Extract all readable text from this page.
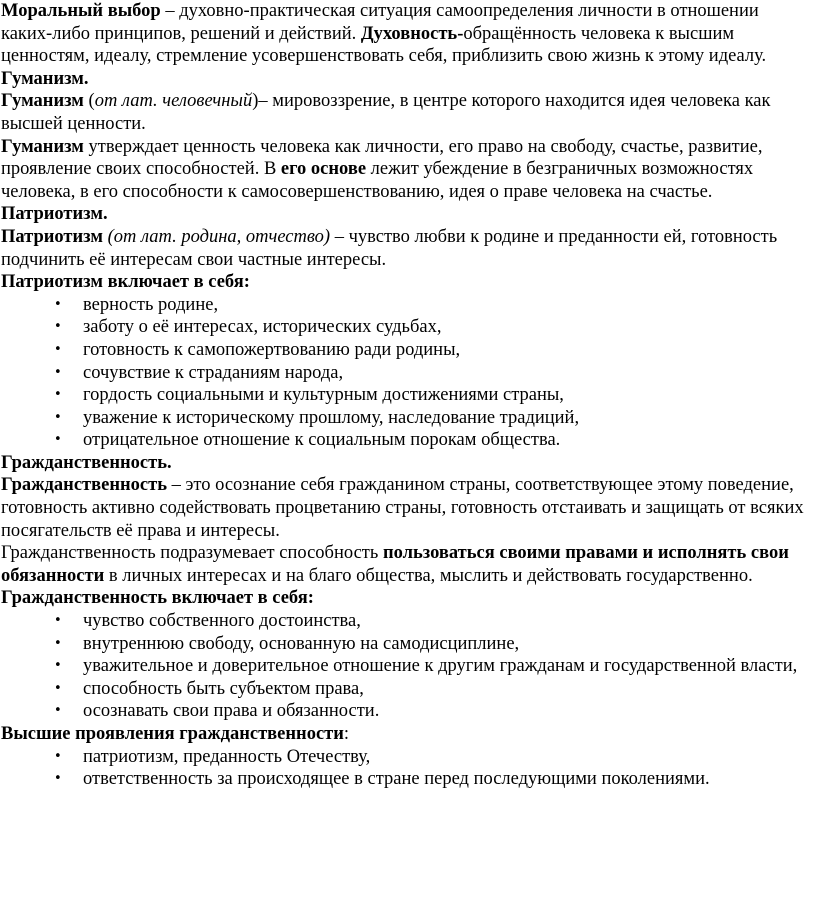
Моральный выбор – духовно-практическая ситуация самоопределения личности в отношении каких-либо принципов, решений и действий. Духовность-обращённость человека к высшим ценностям, идеалу, стремление усовершенствовать себя, приблизить свою жизнь к этому идеалу.

Гуманизм.

Гуманизм (от лат. человечный)– мировоззрение, в центре которого находится идея человека как высшей ценности.

Гуманизм утверждает ценность человека как личности, его право на свободу, счастье, развитие, проявление своих способностей. В его основе лежит убеждение в безграничных возможностях человека, в его способности к самосовершенствованию, идея о праве человека на счастье.

Патриотизм.

Патриотизм (от лат. родина, отчество) – чувство любви к родине и преданности ей, готовность подчинить её интересам свои частные интересы.

Патриотизм включает в себя:

• верность родине,
• заботу о её интересах, исторических судьбах,
• готовность к самопожертвованию ради родины,
• сочувствие к страданиям народа,
• гордость социальными и культурным достижениями страны,
• уважение к историческому прошлому, наследование традиций,
• отрицательное отношение к социальным порокам общества.

Гражданственность.

Гражданственность – это осознание себя гражданином страны, соответствующее этому поведение, готовность активно содействовать процветанию страны, готовность отстаивать и защищать от всяких посягательств её права и интересы.

Гражданственность подразумевает способность пользоваться своими правами и исполнять свои обязанности в личных интересах и на благо общества, мыслить и действовать государственно.

Гражданственность включает в себя:

• чувство собственного достоинства,
• внутреннюю свободу, основанную на самодисциплине,
• уважительное и доверительное отношение к другим гражданам и государственной власти,
• способность быть субъектом права,
• осознавать свои права и обязанности.

Высшие проявления гражданственности:

• патриотизм, преданность Отечеству,
• ответственность за происходящее в стране перед последующими поколениями.
